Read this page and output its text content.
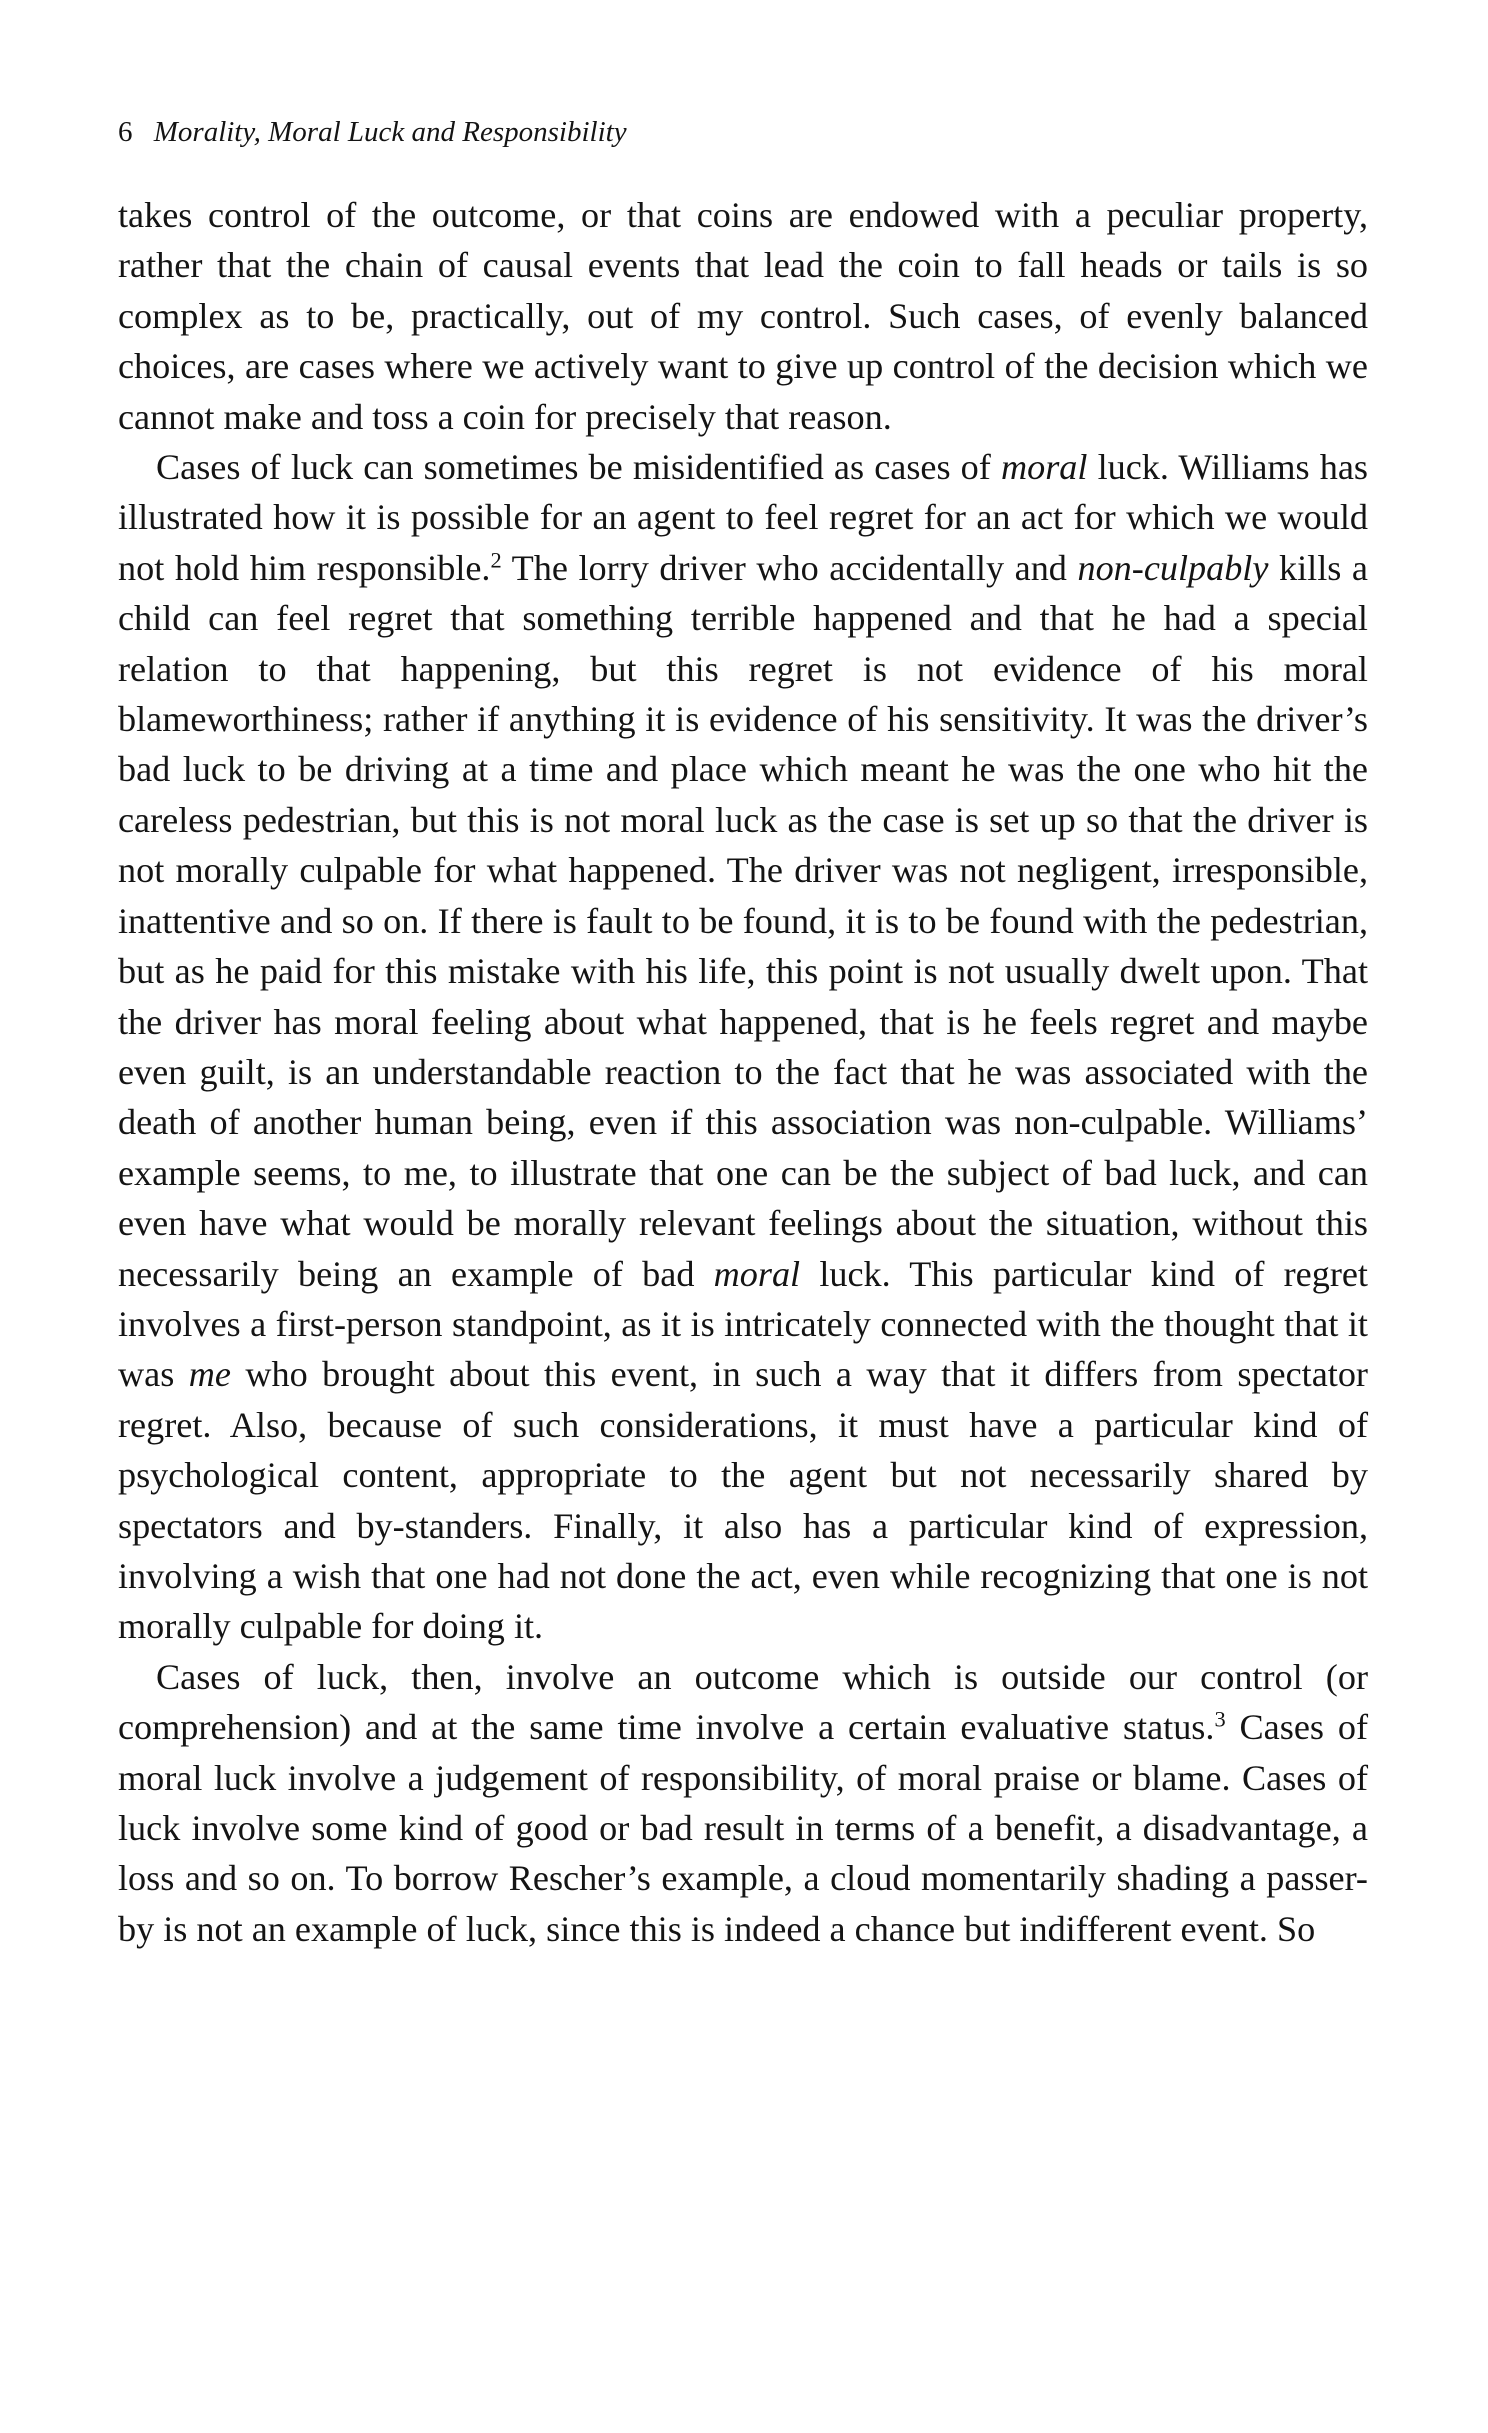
6 Morality, Moral Luck and Responsibility

takes control of the outcome, or that coins are endowed with a peculiar property, rather that the chain of causal events that lead the coin to fall heads or tails is so complex as to be, practically, out of my control. Such cases, of evenly balanced choices, are cases where we actively want to give up control of the decision which we cannot make and toss a coin for precisely that reason.

Cases of luck can sometimes be misidentified as cases of moral luck. Williams has illustrated how it is possible for an agent to feel regret for an act for which we would not hold him responsible.$^2$ The lorry driver who accidentally and non-culpably kills a child can feel regret that something terrible happened and that he had a special relation to that happening, but this regret is not evidence of his moral blameworthiness; rather if anything it is evidence of his sensitivity. It was the driver’s bad luck to be driving at a time and place which meant he was the one who hit the careless pedestrian, but this is not moral luck as the case is set up so that the driver is not morally culpable for what happened. The driver was not negligent, irresponsible, inattentive and so on. If there is fault to be found, it is to be found with the pedestrian, but as he paid for this mistake with his life, this point is not usually dwelt upon. That the driver has moral feeling about what happened, that is he feels regret and maybe even guilt, is an understandable reaction to the fact that he was associated with the death of another human being, even if this association was non-culpable. Williams’ example seems, to me, to illustrate that one can be the subject of bad luck, and can even have what would be morally relevant feelings about the situation, without this necessarily being an example of bad moral luck. This particular kind of regret involves a first-person standpoint, as it is intricately connected with the thought that it was me who brought about this event, in such a way that it differs from spectator regret. Also, because of such considerations, it must have a particular kind of psychological content, appropriate to the agent but not necessarily shared by spectators and by-standers. Finally, it also has a particular kind of expression, involving a wish that one had not done the act, even while recognizing that one is not morally culpable for doing it.

Cases of luck, then, involve an outcome which is outside our control (or comprehension) and at the same time involve a certain evaluative status.$^3$ Cases of moral luck involve a judgement of responsibility, of moral praise or blame. Cases of luck involve some kind of good or bad result in terms of a benefit, a disadvantage, a loss and so on. To borrow Rescher’s example, a cloud momentarily shading a passer-by is not an example of luck, since this is indeed a chance but indifferent event. So
